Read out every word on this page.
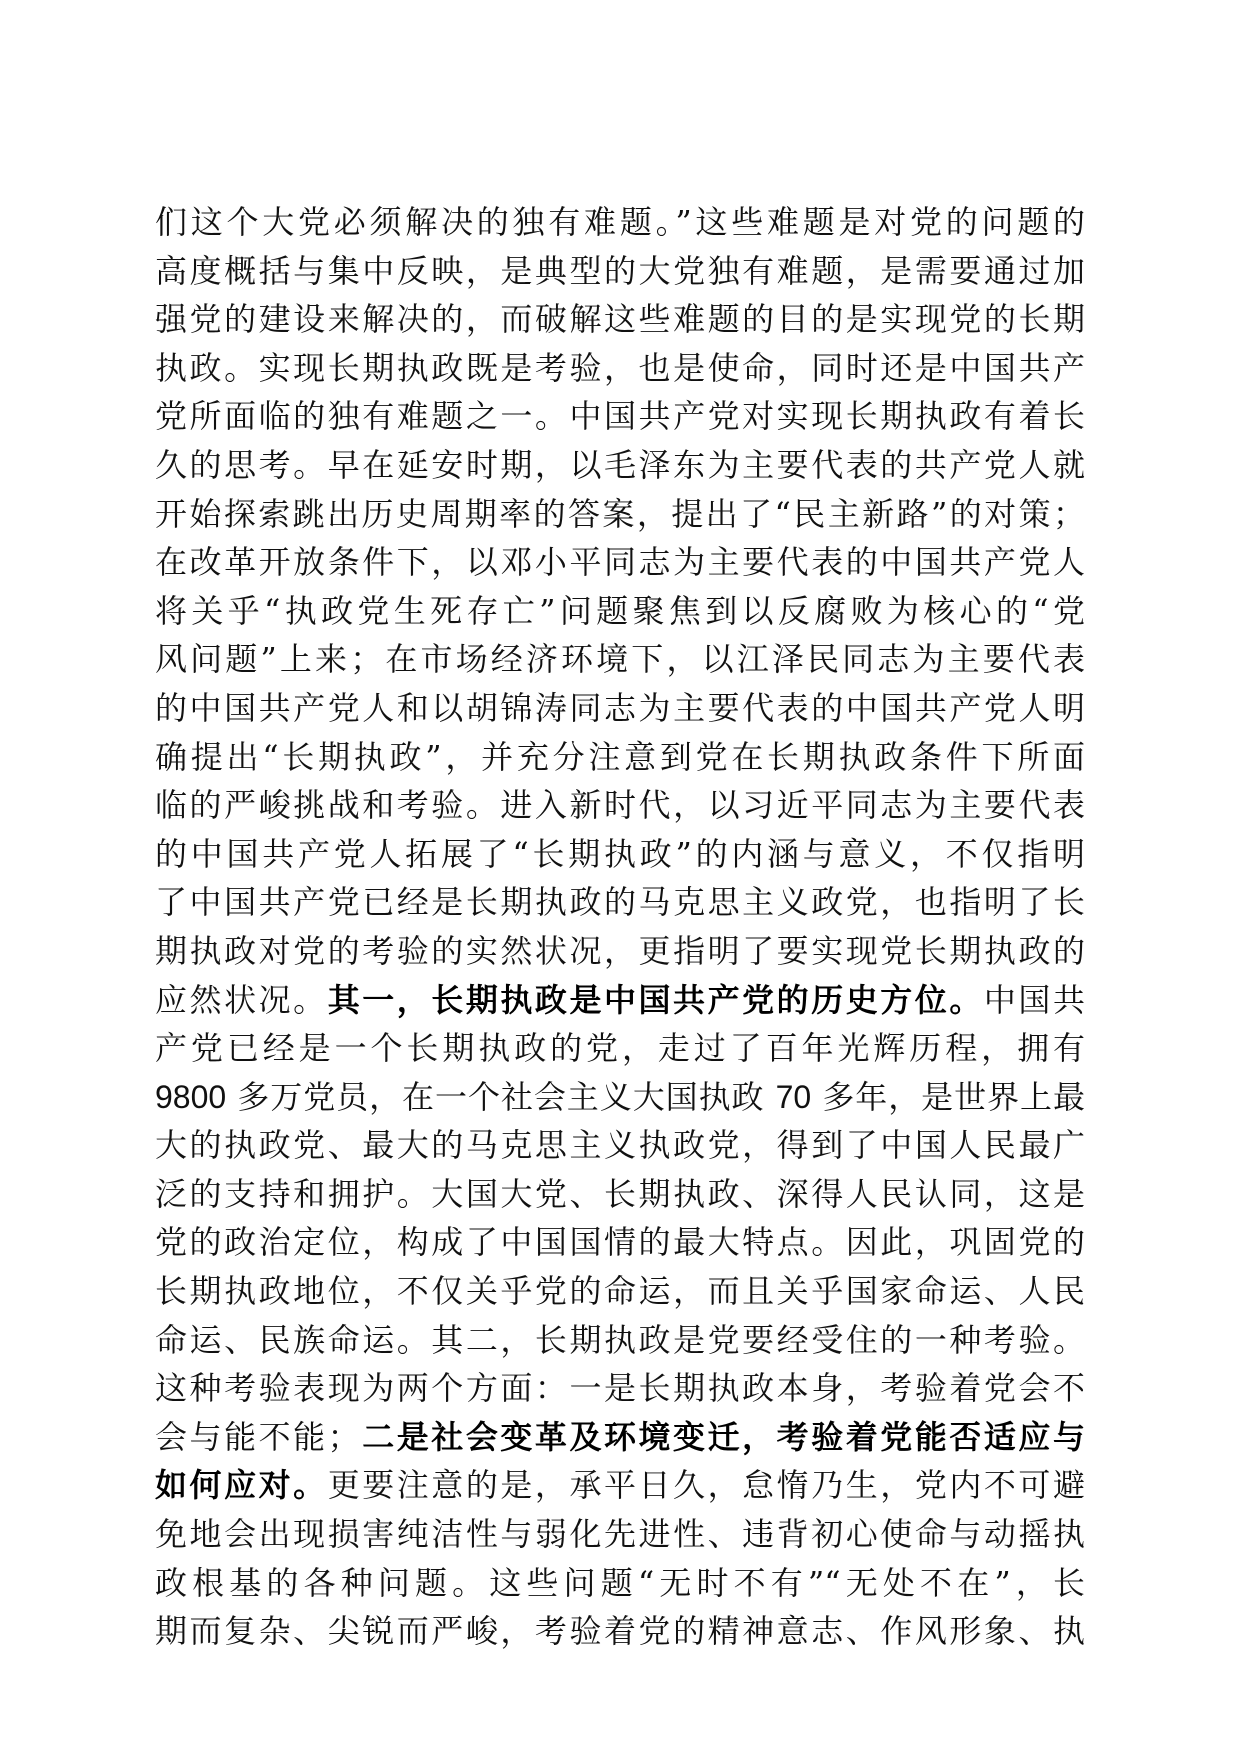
们这个大党必须解决的独有难题。”这些难题是对党的问题的
高度概括与集中反映，是典型的大党独有难题，是需要通过加
强党的建设来解决的，而破解这些难题的目的是实现党的长期
执政。实现长期执政既是考验，也是使命，同时还是中国共产
党所面临的独有难题之一。中国共产党对实现长期执政有着长
久的思考。早在延安时期，以毛泽东为主要代表的共产党人就
开始探索跳出历史周期率的答案，提出了“民主新路”的对策；
在改革开放条件下，以邓小平同志为主要代表的中国共产党人
将关乎“执政党生死存亡”问题聚焦到以反腐败为核心的“党
风问题”上来；在市场经济环境下，以江泽民同志为主要代表
的中国共产党人和以胡锦涛同志为主要代表的中国共产党人明
确提出“长期执政”，并充分注意到党在长期执政条件下所面
临的严峻挑战和考验。进入新时代，以习近平同志为主要代表
的中国共产党人拓展了“长期执政”的内涵与意义，不仅指明
了中国共产党已经是长期执政的马克思主义政党，也指明了长
期执政对党的考验的实然状况，更指明了要实现党长期执政的
应然状况。其一，长期执政是中国共产党的历史方位。中国共
产党已经是一个长期执政的党，走过了百年光辉历程，拥有
9800 多万党员，在一个社会主义大国执政 70 多年，是世界上最
大的执政党、最大的马克思主义执政党，得到了中国人民最广
泛的支持和拥护。大国大党、长期执政、深得人民认同，这是
党的政治定位，构成了中国国情的最大特点。因此，巩固党的
长期执政地位，不仅关乎党的命运，而且关乎国家命运、人民
命运、民族命运。其二，长期执政是党要经受住的一种考验。
这种考验表现为两个方面：一是长期执政本身，考验着党会不
会与能不能；二是社会变革及环境变迁，考验着党能否适应与
如何应对。更要注意的是，承平日久，怠惰乃生，党内不可避
免地会出现损害纯洁性与弱化先进性、违背初心使命与动摇执
政根基的各种问题。这些问题“无时不有”“无处不在”，长
期而复杂、尖锐而严峻，考验着党的精神意志、作风形象、执
